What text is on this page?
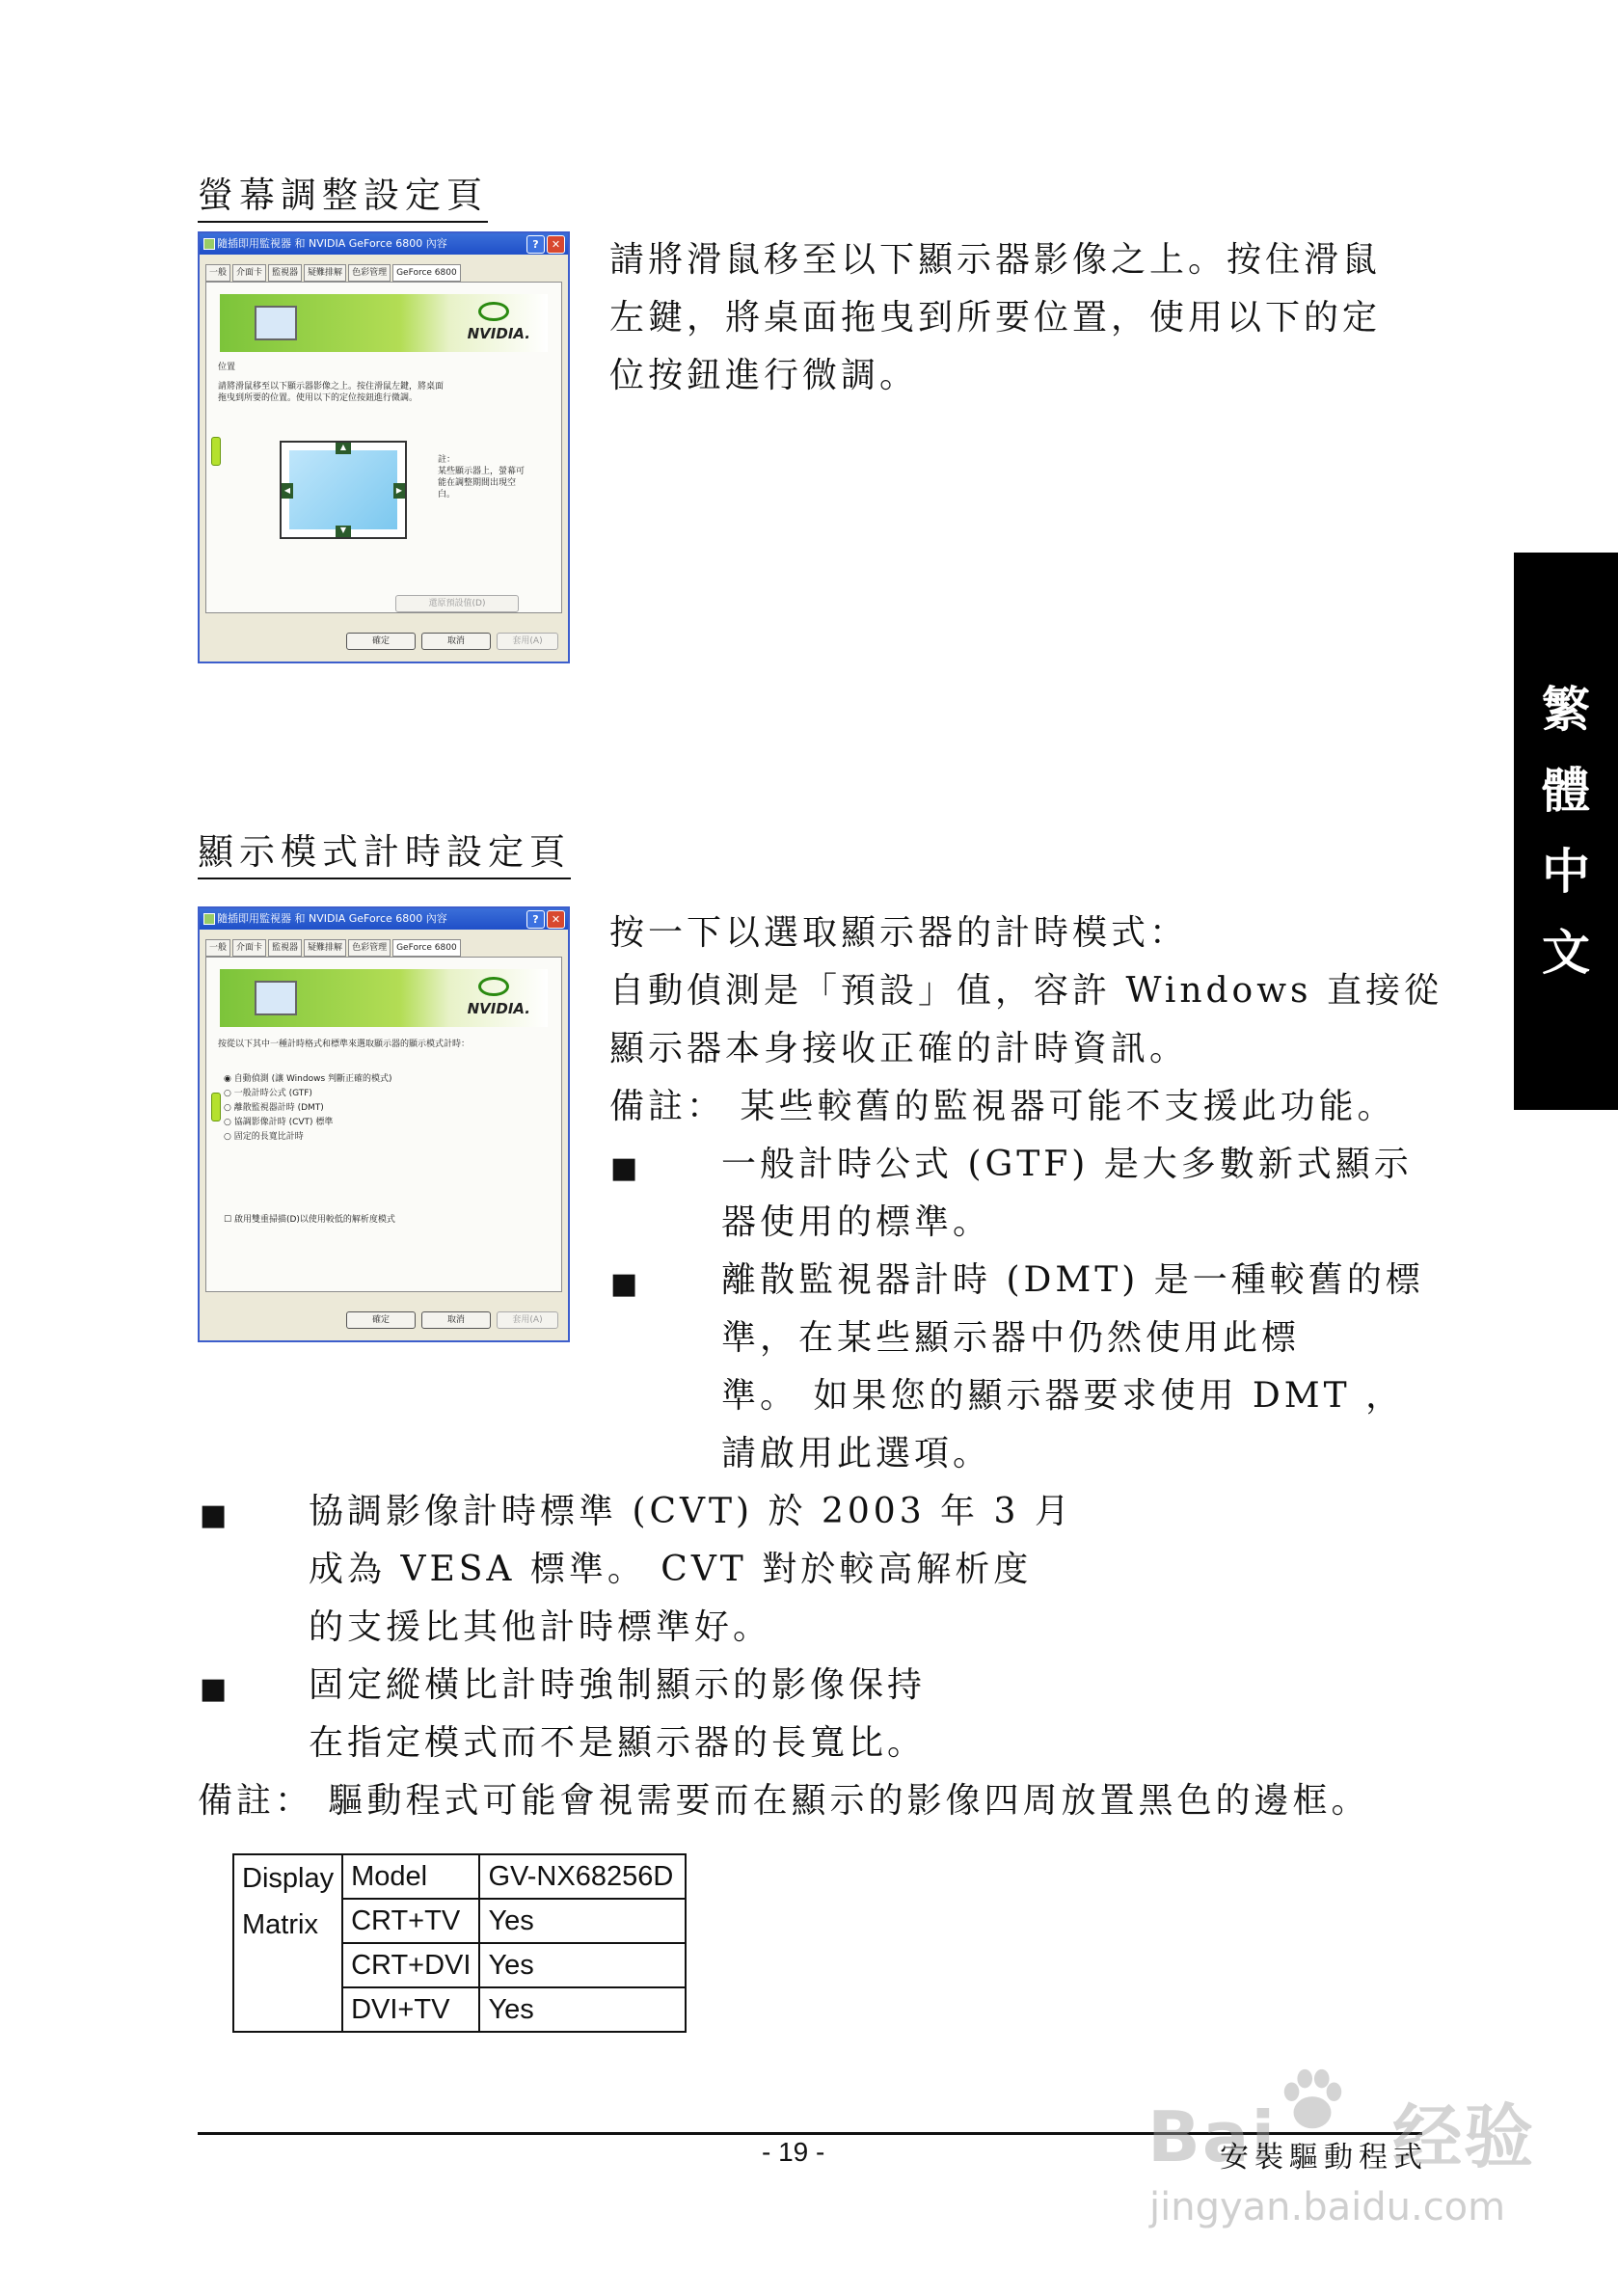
螢幕調整設定頁
隨插即用監視器 和 NVIDIA GeForce 6800 內容	?	✕
一般	介面卡	監視器	疑難排解	色彩管理	GeForce 6800
NVIDIA.
位置
請將滑鼠移至以下顯示器影像之上。按住滑鼠左鍵，將桌面
拖曳到所要的位置。使用以下的定位按鈕進行微調。
▲
▼
◀	▶
註：
某些顯示器上，螢幕可
能在調整期間出現空
白。
還原預設值(D)
確定	取消	套用(A)
請將滑鼠移至以下顯示器影像之上。按住滑鼠
左鍵，將桌面拖曳到所要位置，使用以下的定
位按鈕進行微調。
繁
體
中
文
顯示模式計時設定頁
隨插即用監視器 和 NVIDIA GeForce 6800 內容	?	✕
一般	介面卡	監視器	疑難排解	色彩管理	GeForce 6800
NVIDIA.
按從以下其中一種計時格式和標準來選取顯示器的顯示模式計時：
◉ 自動偵測 (讓 Windows 判斷正確的模式)
○ 一般計時公式 (GTF)
○ 離散監視器計時 (DMT)
○ 協調影像計時 (CVT) 標準
○ 固定的長寬比計時
☐ 啟用雙重掃描(D)以使用較低的解析度模式
確定	取消	套用(A)
按一下以選取顯示器的計時模式：
自動偵測是「預設」值，容許 Windows 直接從
顯示器本身接收正確的計時資訊。
備註： 某些較舊的監視器可能不支援此功能。
■ 一般計時公式 (GTF) 是大多數新式顯示
器使用的標準。
■ 離散監視器計時 (DMT) 是一種較舊的標
準，在某些顯示器中仍然使用此標
準。 如果您的顯示器要求使用 DMT ，
請啟用此選項。
■ 協調影像計時標準 (CVT) 於 2003 年 3 月
成為 VESA 標準。 CVT 對於較高解析度
的支援比其他計時標準好。
■ 固定縱橫比計時強制顯示的影像保持
在指定模式而不是顯示器的長寬比。
備註： 驅動程式可能會視需要而在顯示的影像四周放置黑色的邊框。
Display
Matrix	Model	GV-NX68256D
	CRT+TV	Yes
	CRT+DVI	Yes
	DVI+TV	Yes
- 19 -	Bai 经验
安裝驅動程式
jingyan.baidu.com
